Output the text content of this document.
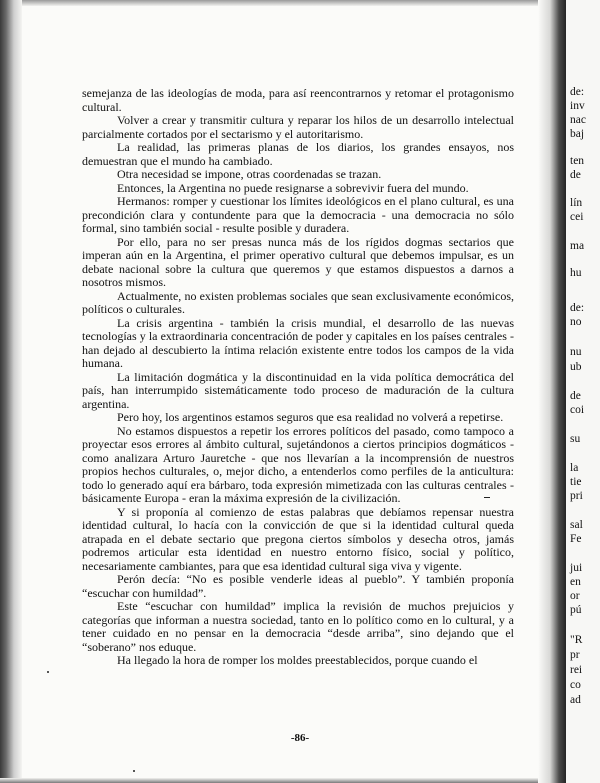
semejanza de las ideologías de moda, para así reencontrarnos y retomar el protagonismo cultural.

Volver a crear y transmitir cultura y reparar los hilos de un desarrollo intelectual parcialmente cortados por el sectarismo y el autoritarismo.

La realidad, las primeras planas de los diarios, los grandes ensayos, nos demuestran que el mundo ha cambiado.

Otra necesidad se impone, otras coordenadas se trazan.

Entonces, la Argentina no puede resignarse a sobrevivir fuera del mundo.

Hermanos: romper y cuestionar los límites ideológicos en el plano cultural, es una precondición clara y contundente para que la democracia - una democracia no sólo formal, sino también social - resulte posible y duradera.

Por ello, para no ser presas nunca más de los rígidos dogmas sectarios que imperan aún en la Argentina, el primer operativo cultural que debemos impulsar, es un debate nacional sobre la cultura que queremos y que estamos dispuestos a darnos a nosotros mismos.

Actualmente, no existen problemas sociales que sean exclusivamente económicos, políticos o culturales.

La crisis argentina - también la crisis mundial, el desarrollo de las nuevas tecnologías y la extraordinaria concentración de poder y capitales en los países centrales - han dejado al descubierto la íntima relación existente entre todos los campos de la vida humana.

La limitación dogmática y la discontinuidad en la vida política democrática del país, han interrumpido sistemáticamente todo proceso de maduración de la cultura argentina.

Pero hoy, los argentinos estamos seguros que esa realidad no volverá a repetirse.

No estamos dispuestos a repetir los errores políticos del pasado, como tampoco a proyectar esos errores al ámbito cultural, sujetándonos a ciertos principios dogmáticos - como analizara Arturo Jauretche - que nos llevarían a la incomprensión de nuestros propios hechos culturales, o, mejor dicho, a entenderlos como perfiles de la anticultura: todo lo generado aquí era bárbaro, toda expresión mimetizada con las culturas centrales - básicamente Europa - eran la máxima expresión de la civilización.

Y si proponía al comienzo de estas palabras que debíamos repensar nuestra identidad cultural, lo hacía con la convicción de que si la identidad cultural queda atrapada en el debate sectario que pregona ciertos símbolos y desecha otros, jamás podremos articular esta identidad en nuestro entorno físico, social y político, necesariamente cambiantes, para que esa identidad cultural siga viva y vigente.

Perón decía: “No es posible venderle ideas al pueblo”. Y también proponía “escuchar con humildad”.

Este “escuchar con humildad” implica la revisión de muchos prejuicios y categorías que informan a nuestra sociedad, tanto en lo político como en lo cultural, y a tener cuidado en no pensar en la democracia “desde arriba”, sino dejando que el “soberano” nos eduque.

Ha llegado la hora de romper los moldes preestablecidos, porque cuando el

-86-
de:
inv
nac
baj
ten
de
lín
cei
ma
hu
de:
no
nu
ub
de
coi
su
la
tie
pri
sal
Fe
jui
en
or
pú
"R
pr
rei
co
ad
